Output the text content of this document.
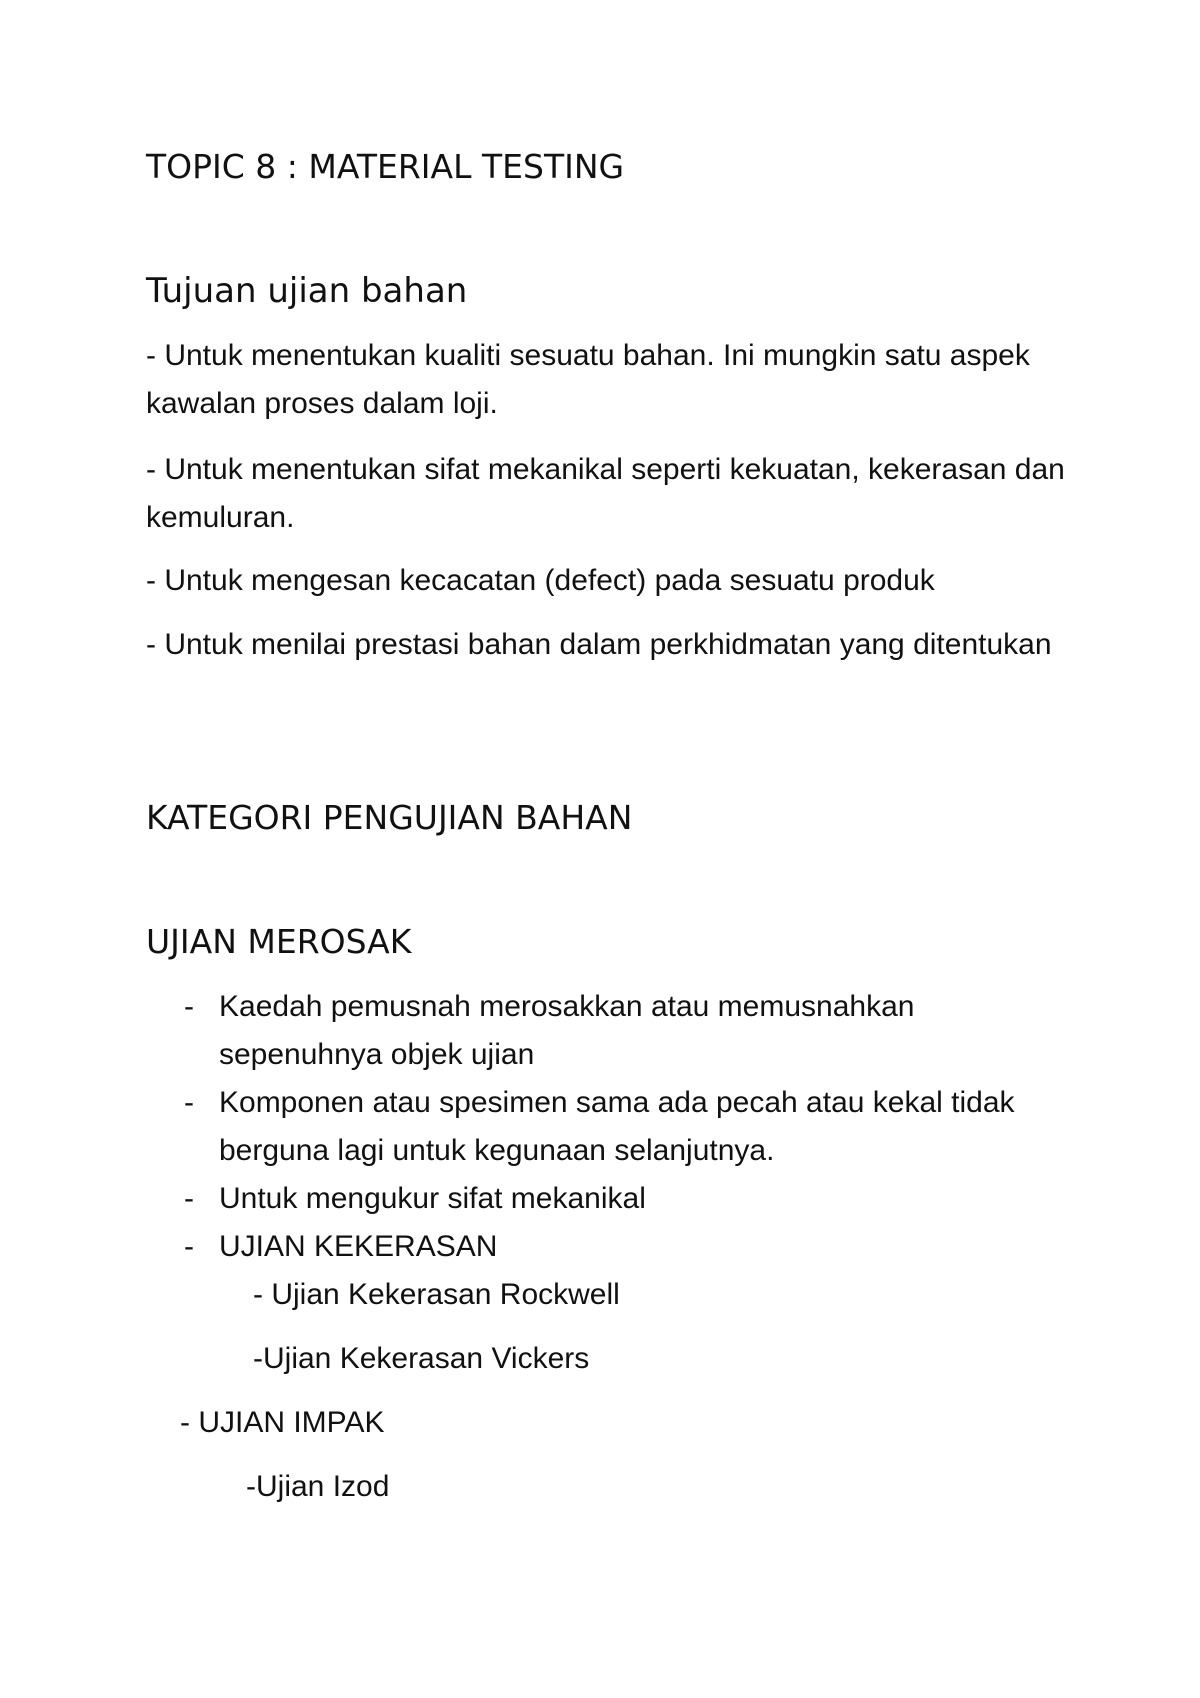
TOPIC 8 : MATERIAL TESTING
Tujuan ujian bahan

- Untuk menentukan kualiti sesuatu bahan. Ini mungkin satu aspek kawalan proses dalam loji.

- Untuk menentukan sifat mekanikal seperti kekuatan, kekerasan dan kemuluran.

- Untuk mengesan kecacatan (defect) pada sesuatu produk

- Untuk menilai prestasi bahan dalam perkhidmatan yang ditentukan

KATEGORI PENGUJIAN BAHAN
UJIAN MEROSAK
- Kaedah pemusnah merosakkan atau memusnahkan sepenuhnya objek ujian
- Komponen atau spesimen sama ada pecah atau kekal tidak berguna lagi untuk kegunaan selanjutnya.
- Untuk mengukur sifat mekanikal
- UJIAN KEKERASAN

- Ujian Kekerasan Rockwell

-Ujian Kekerasan Vickers

- UJIAN IMPAK

-Ujian Izod
